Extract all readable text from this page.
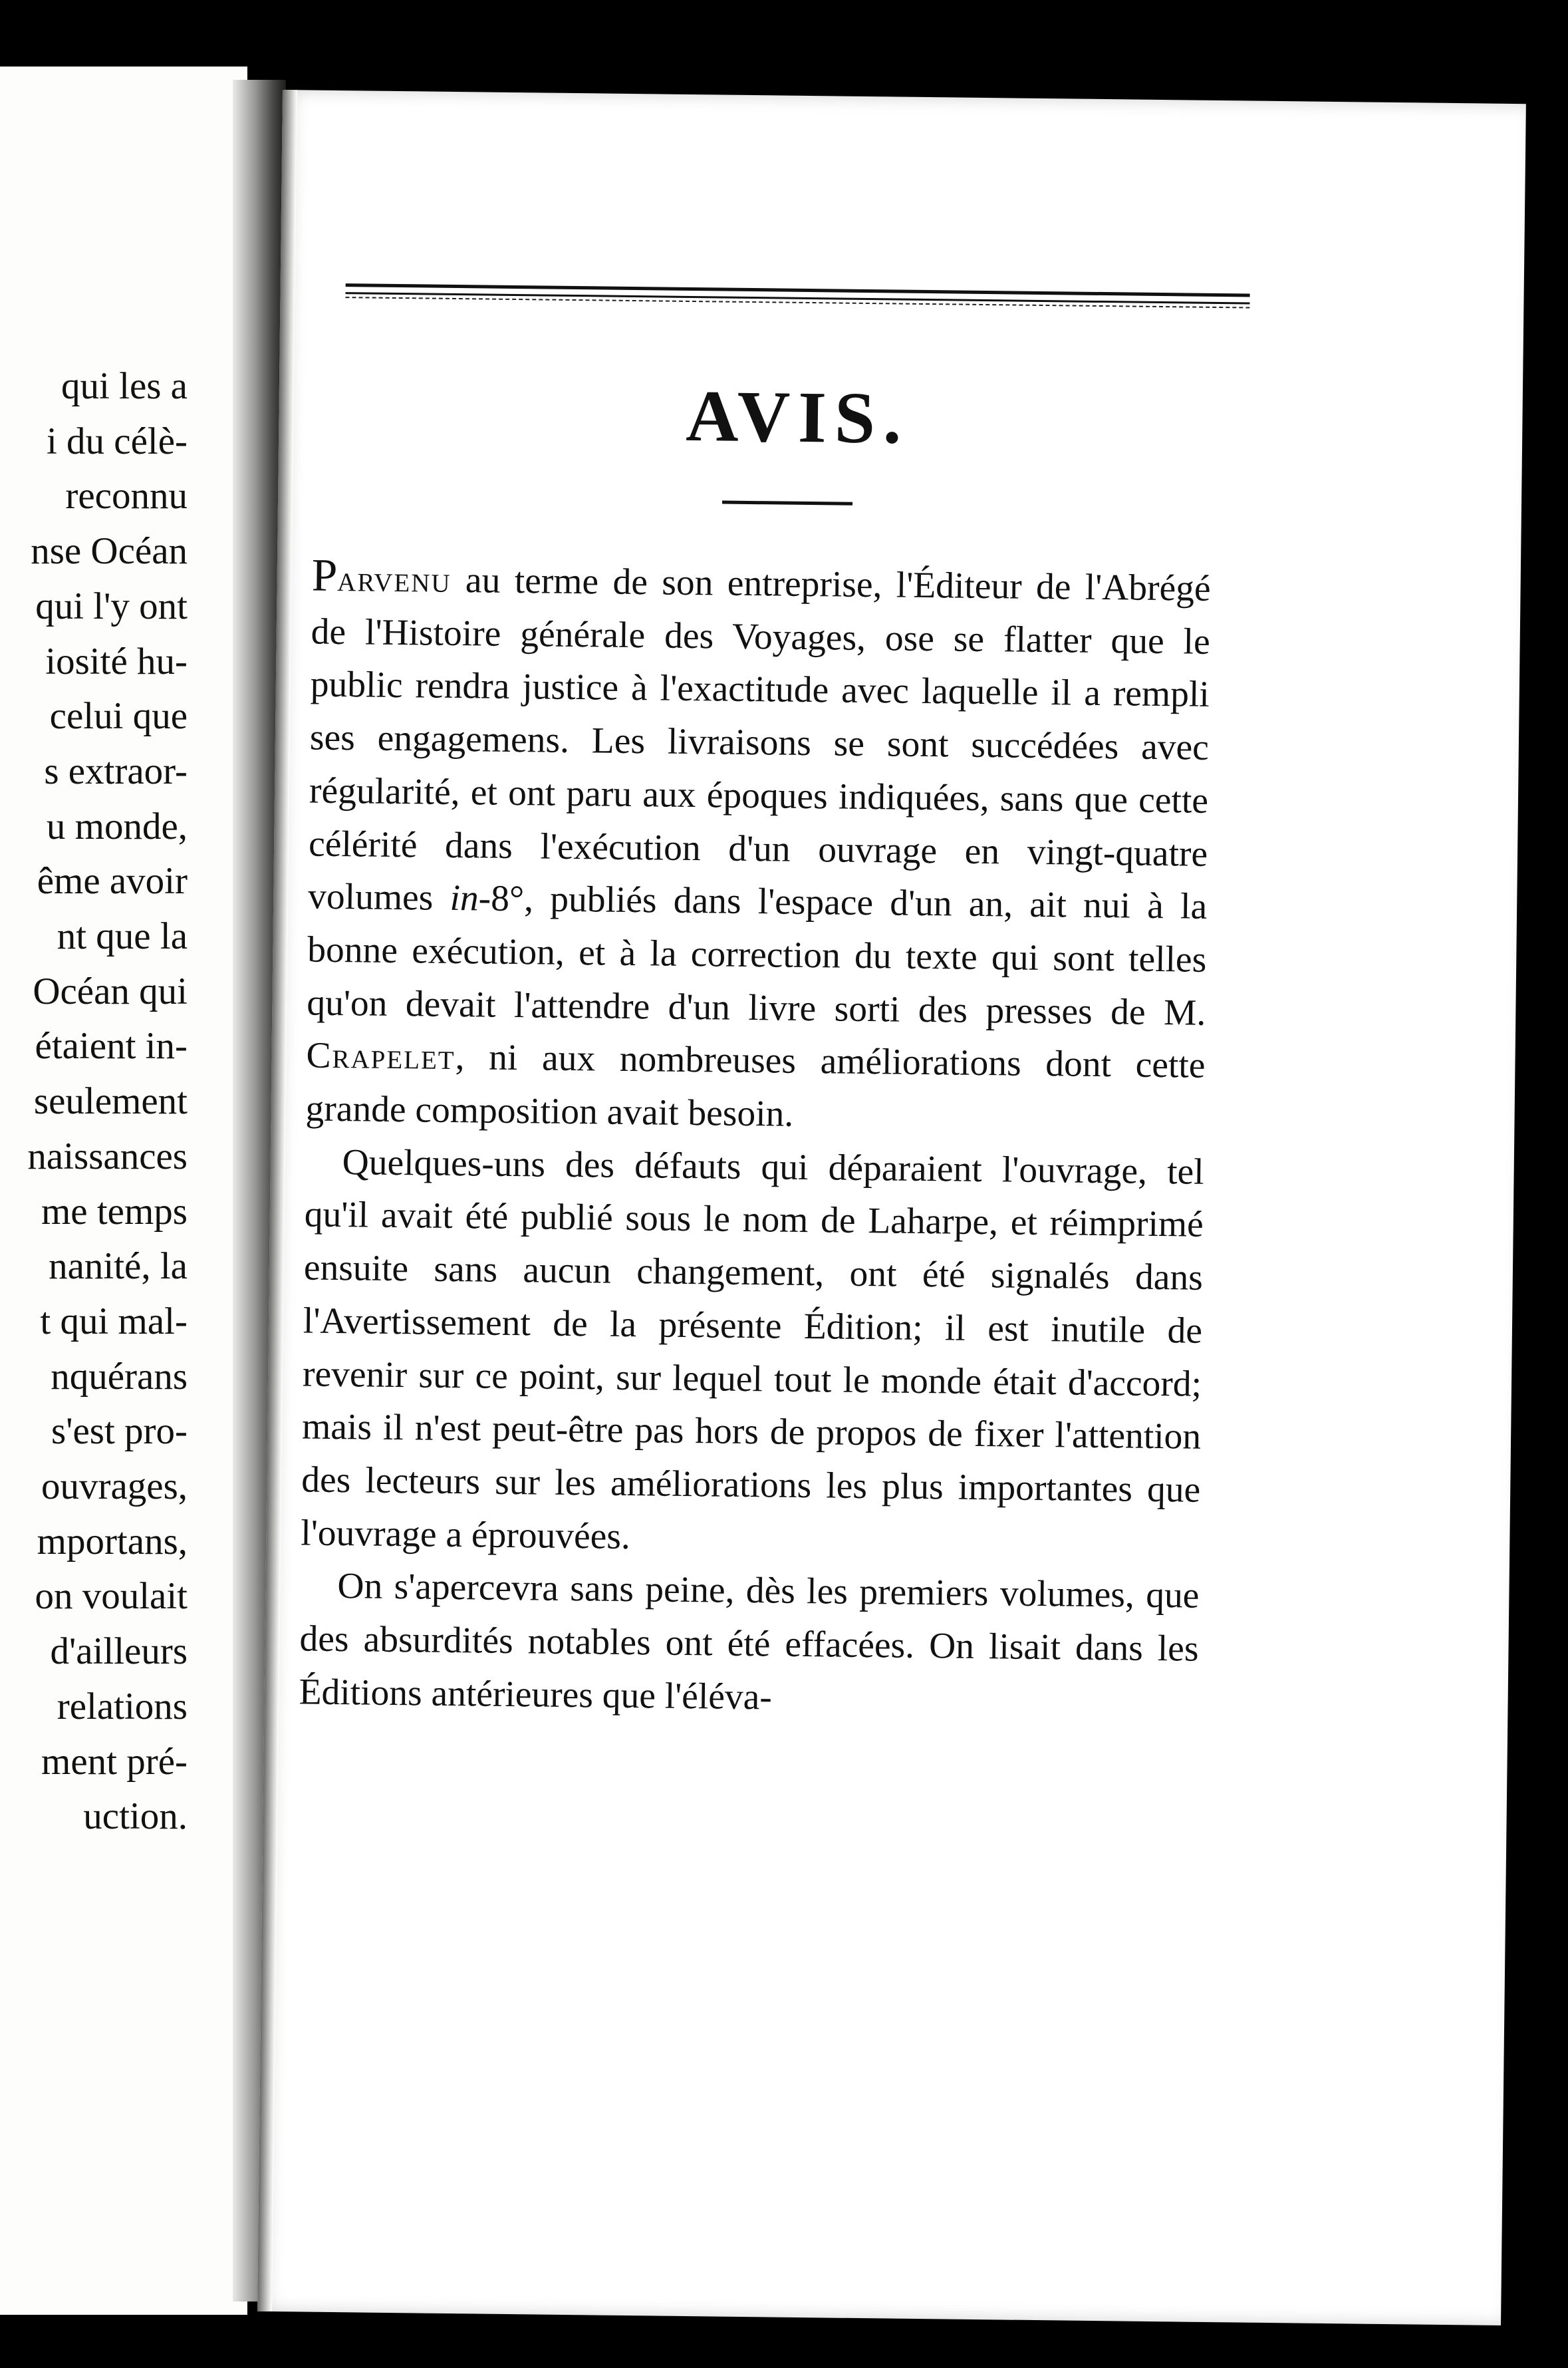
qui les a
i du célè-
reconnu
nse Océan
qui l'y ont
iosité hu-
celui que
s extraor-
u monde,
ême avoir
nt que la
Océan qui
étaient in-
seulement
naissances
me temps
nanité, la
t qui mal-
nquérans
s'est pro-
ouvrages,
mportans,
on voulait
d'ailleurs
relations
ment pré-
uction.
AVIS.

Parvenu au terme de son entreprise, l'Éditeur de l'Abrégé de l'Histoire générale des Voyages, ose se flatter que le public rendra justice à l'exactitude avec laquelle il a rempli ses engagemens. Les livraisons se sont succédées avec régularité, et ont paru aux époques indiquées, sans que cette célérité dans l'exécution d'un ouvrage en vingt-quatre volumes in-8°, publiés dans l'espace d'un an, ait nui à la bonne exécution, et à la correction du texte qui sont telles qu'on devait l'attendre d'un livre sorti des presses de M. Crapelet, ni aux nombreuses améliorations dont cette grande composition avait besoin.

Quelques-uns des défauts qui déparaient l'ouvrage, tel qu'il avait été publié sous le nom de Laharpe, et réimprimé ensuite sans aucun changement, ont été signalés dans l'Avertissement de la présente Édition; il est inutile de revenir sur ce point, sur lequel tout le monde était d'accord; mais il n'est peut-être pas hors de propos de fixer l'attention des lecteurs sur les améliorations les plus importantes que l'ouvrage a éprouvées.

On s'apercevra sans peine, dès les premiers volumes, que des absurdités notables ont été effacées. On lisait dans les Éditions antérieures que l'éléva-
